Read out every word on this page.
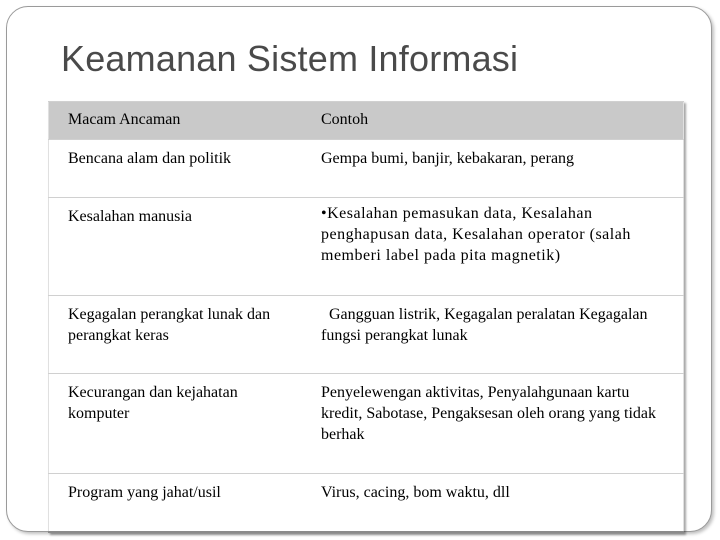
Keamanan Sistem Informasi
Macam Ancaman	Contoh
Bencana alam dan politik	Gempa bumi, banjir, kebakaran, perang
Kesalahan manusia	•Kesalahan pemasukan data, Kesalahan penghapusan data, Kesalahan operator (salah memberi label pada pita magnetik)
Kegagalan perangkat lunak dan perangkat keras	Gangguan listrik, Kegagalan peralatan Kegagalan fungsi perangkat lunak
Kecurangan dan kejahatan komputer	Penyelewengan aktivitas, Penyalahgunaan kartu kredit, Sabotase, Pengaksesan oleh orang yang tidak berhak
Program yang jahat/usil	Virus, cacing, bom waktu, dll
